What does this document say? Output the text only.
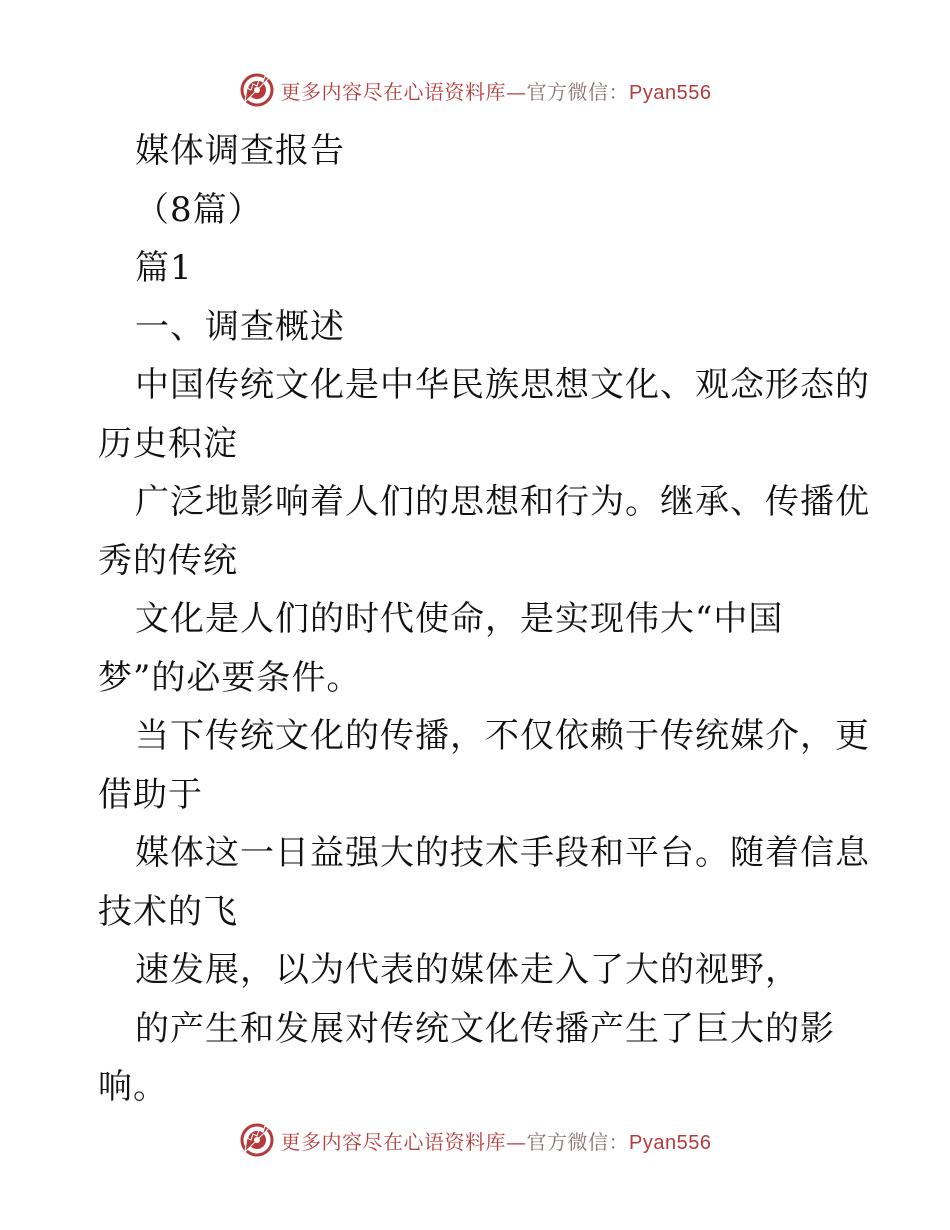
更多内容尽在心语资料库—官方微信：Pyan556
媒体调查报告
（8篇）
篇1
一、调查概述
中国传统文化是中华民族思想文化、观念形态的
历史积淀
广泛地影响着人们的思想和行为。继承、传播优
秀的传统
文化是人们的时代使命，是实现伟大“中国
梦”的必要条件。
当下传统文化的传播，不仅依赖于传统媒介，更
借助于
媒体这一日益强大的技术手段和平台。随着信息
技术的飞
速发展，以为代表的媒体走入了大的视野，
的产生和发展对传统文化传播产生了巨大的影
响。
更多内容尽在心语资料库—官方微信：Pyan556
